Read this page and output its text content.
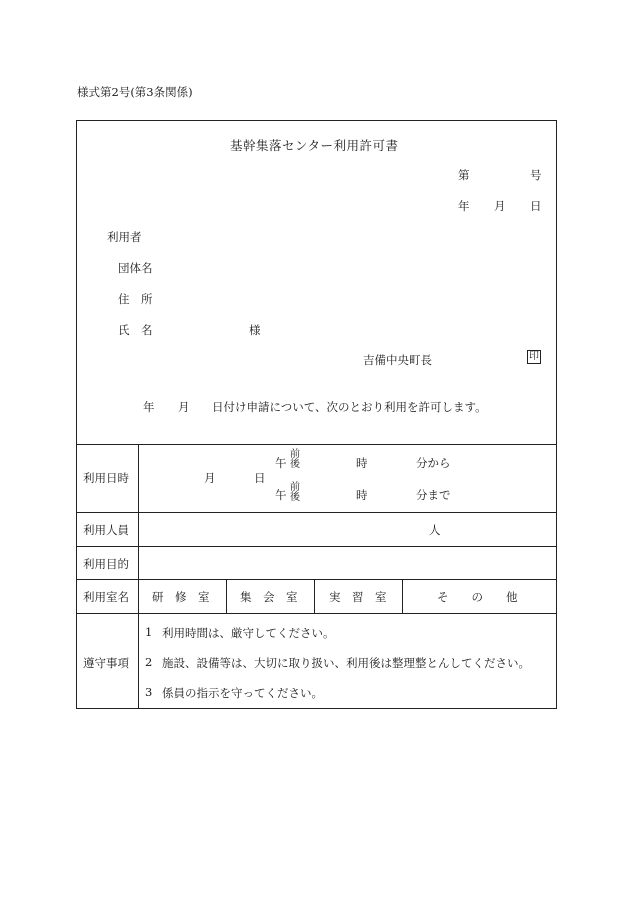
様式第2号(第3条関係)
基幹集落センター利用許可書
第	号
年 月 日
利用者
団体名
住　所
氏　名	様
吉備中央町長	印
年 月 日付け申請について、次のとおり利用を許可します。
利用日時	月	日
午
前
後	時	分から
午
前
後	時	分まで
利用人員	人
利用目的
利用室名 研　修　室	集　会　室	実　習　室	そ　　の　　他
遵守事項
1 利用時間は、厳守してください。
2 施設、設備等は、大切に取り扱い、利用後は整理整とんしてください。
3 係員の指示を守ってください。
